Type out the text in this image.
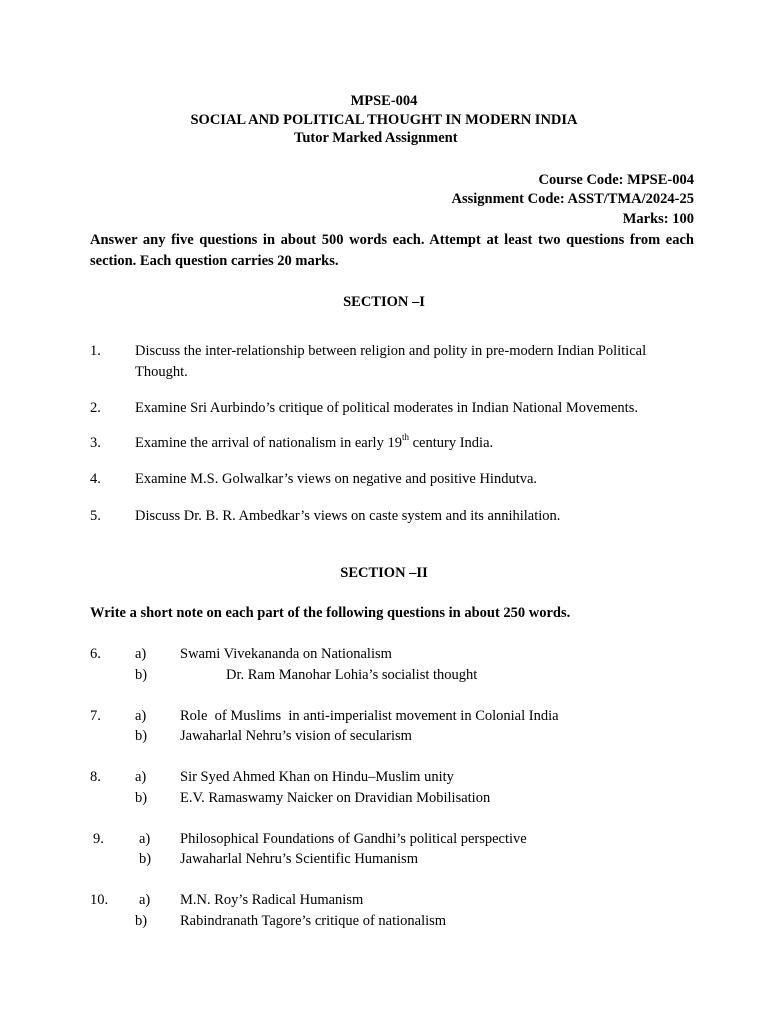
MPSE-004
SOCIAL AND POLITICAL THOUGHT IN MODERN INDIA
Tutor Marked Assignment
Course Code: MPSE-004
Assignment Code: ASST/TMA/2024-25
Marks: 100
Answer any five questions in about 500 words each. Attempt at least two questions from each section. Each question carries 20 marks.
SECTION –I
1. Discuss the inter-relationship between religion and polity in pre-modern Indian Political Thought.
2. Examine Sri Aurbindo’s critique of political moderates in Indian National Movements.
3. Examine the arrival of nationalism in early 19th century India.
4. Examine M.S. Golwalkar’s views on negative and positive Hindutva.
5. Discuss Dr. B. R. Ambedkar’s views on caste system and its annihilation.
SECTION –II
Write a short note on each part of the following questions in about 250 words.
6. a) Swami Vivekananda on Nationalism
b)	Dr. Ram Manohar Lohia’s socialist thought
7. a) Role  of Muslims  in anti-imperialist movement in Colonial India
b) Jawaharlal Nehru’s vision of secularism
8. a) Sir Syed Ahmed Khan on Hindu–Muslim unity
b) E.V. Ramaswamy Naicker on Dravidian Mobilisation
9. a) Philosophical Foundations of Gandhi’s political perspective
b) Jawaharlal Nehru’s Scientific Humanism
10. a) M.N. Roy’s Radical Humanism
b) Rabindranath Tagore’s critique of nationalism
